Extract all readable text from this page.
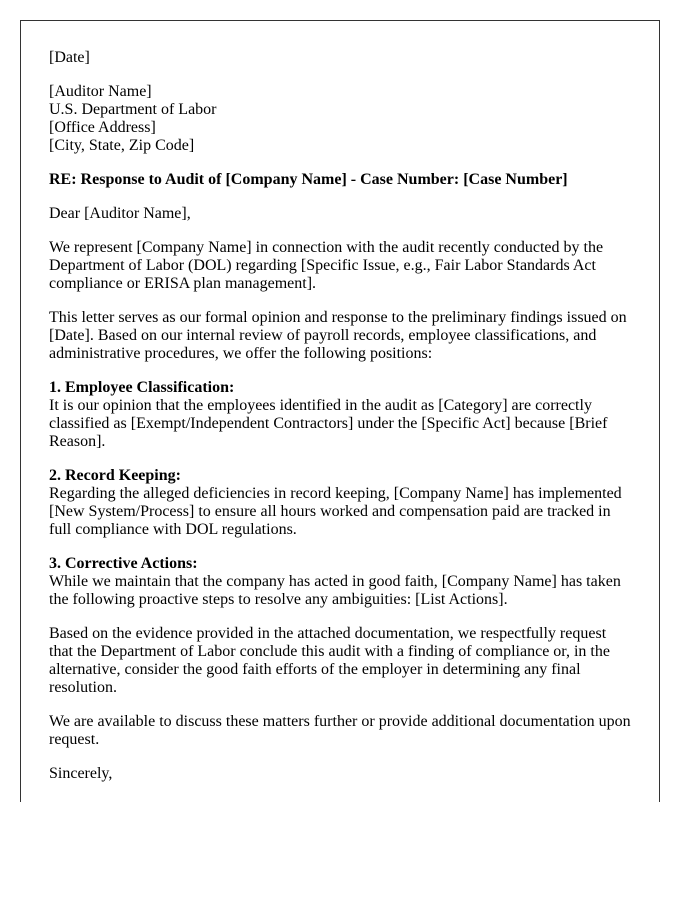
[Date]

[Auditor Name]
U.S. Department of Labor
[Office Address]
[City, State, Zip Code]

RE: Response to Audit of [Company Name] - Case Number: [Case Number]

Dear [Auditor Name],

We represent [Company Name] in connection with the audit recently conducted by the Department of Labor (DOL) regarding [Specific Issue, e.g., Fair Labor Standards Act compliance or ERISA plan management].

This letter serves as our formal opinion and response to the preliminary findings issued on [Date]. Based on our internal review of payroll records, employee classifications, and administrative procedures, we offer the following positions:

1. Employee Classification:
It is our opinion that the employees identified in the audit as [Category] are correctly classified as [Exempt/Independent Contractors] under the [Specific Act] because [Brief Reason].

2. Record Keeping:
Regarding the alleged deficiencies in record keeping, [Company Name] has implemented [New System/Process] to ensure all hours worked and compensation paid are tracked in full compliance with DOL regulations.

3. Corrective Actions:
While we maintain that the company has acted in good faith, [Company Name] has taken the following proactive steps to resolve any ambiguities: [List Actions].

Based on the evidence provided in the attached documentation, we respectfully request that the Department of Labor conclude this audit with a finding of compliance or, in the alternative, consider the good faith efforts of the employer in determining any final resolution.

We are available to discuss these matters further or provide additional documentation upon request.

Sincerely,
